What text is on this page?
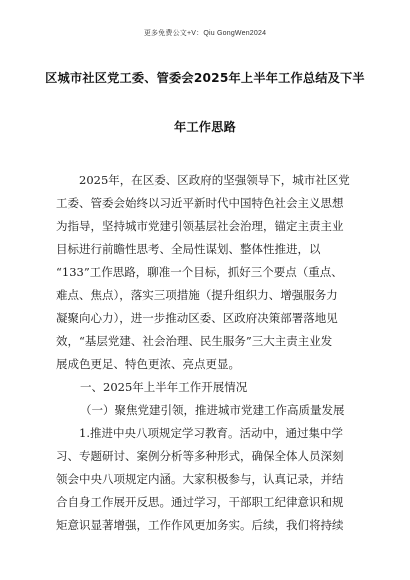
更多免费公文+V：Qiu GongWen2024
区城市社区党工委、管委会2025年上半年工作总结及下半
年工作思路
2025年，在区委、区政府的坚强领导下，城市社区党
工委、管委会始终以习近平新时代中国特色社会主义思想
为指导，坚持城市党建引领基层社会治理，锚定主责主业
目标进行前瞻性思考、全局性谋划、整体性推进，以
“133”工作思路，聊准一个目标，抓好三个要点（重点、
难点、焦点），落实三项措施（提升组织力、增强服务力
凝聚向心力），进一步推动区委、区政府决策部署落地见
效，“基层党建、社会治理、民生服务”三大主责主业发
展成色更足、特色更浓、亮点更显。
一、2025年上半年工作开展情况
（一）聚焦党建引领，推进城市党建工作高质量发展
1.推进中央八项规定学习教育。活动中，通过集中学
习、专题研讨、案例分析等多种形式，确保全体人员深刻
领会中央八项规定内涵。大家积极参与，认真记录，并结
合自身工作展开反思。通过学习，干部职工纪律意识和规
矩意识显著增强，工作作风更加务实。后续，我们将持续
